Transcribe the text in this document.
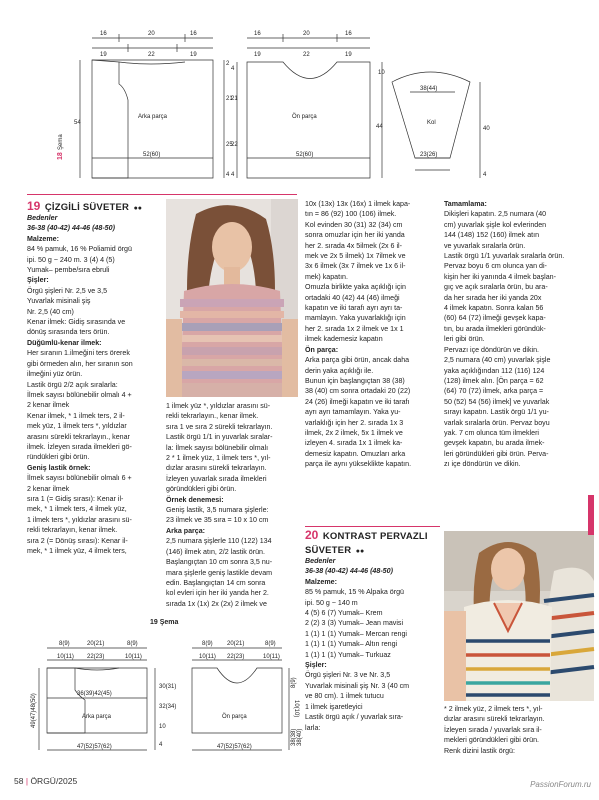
16	20	16
19	22	19
Arka parça
52(60)
54
2
21
25
4
16	20	16
19	22	19
Ön parça
52(60)
4
21
22
4
38(44)
Kol
23(26)
10
44	40
4
18
Şema
19 ÇİZGİLİ SÜVETER ●●
Bedenler
36-38 (40-42) 44-46 (48-50)
Malzeme:
84 % pamuk, 16 % Poliamid örgü
ipi. 50 g ~ 240 m. 3 (4) 4 (5)
Yumak– pembe/sıra ebruli
Şişler:
Örgü şişleri Nr. 2,5 ve 3,5
Yuvarlak misinali şiş
Nr. 2,5 (40 cm)
Kenar ilmek: Gidiş sırasında ve
dönüş sırasında ters örün.
Düğümlü-kenar ilmek:
Her sıranın 1.ilmeğini ters örerek
gibi örmeden alın, her sıranın son
ilmeğini yüz örün.
Lastik örgü 2/2 açık sıralarla:
İlmek sayısı bölünebilir olmalı 4 +
2 kenar ilmek
Kenar ilmek, * 1 ilmek ters, 2 il-
mek yüz, 1 ilmek ters *, yıldızlar
arasını sürekli tekrarlayın., kenar
ilmek. İzleyen sırada ilmekleri gö-
ründükleri gibi örün.
Geniş lastik örnek:
İlmek sayısı bölünebilir olmalı 6 +
2 kenar ilmek
sıra 1 (= Gidiş sırası): Kenar il-
mek, * 1 ilmek ters, 4 ilmek yüz,
1 ilmek ters *, yıldızlar arasını sü-
rekli tekrarlayın, kenar ilmek.
sıra 2 (= Dönüş sırası): Kenar il-
mek, * 1 ilmek yüz, 4 ilmek ters,
1 ilmek yüz *, yıldızlar arasını sü-
rekli tekrarlayın., kenar ilmek.
sıra 1 ve sıra 2 sürekli tekrarlayın.
Lastik örgü 1/1 in yuvarlak sıralar-
la: İlmek sayısı bölünebilir olmalı
2 * 1 ilmek yüz, 1 ilmek ters *, yıl-
dızlar arasını sürekli tekrarlayın.
İzleyen yuvarlak sırada ilmekleri
göründükleri gibi örün.
Örnek denemesi:
Geniş lastik, 3,5 numara şişlerle:
23 ilmek ve 35 sıra = 10 x 10 cm
Arka parça:
2,5 numara şişlerle 110 (122) 134
(146) ilmek atın, 2/2 lastik örün.
Başlangıçtan 10 cm sonra 3,5 nu-
mara şişlerle geniş lastikle devam
edin. Başlangıçtan 14 cm sonra
kol evleri için her iki yanda her 2.
sırada 1x (1x) 2x (2x) 2 ilmek ve
10x (13x) 13x (16x) 1 ilmek kapa-
tın = 86 (92) 100 (106) ilmek.
Kol evinden 30 (31) 32 (34) cm
sonra omuzlar için her iki yanda
her 2. sırada 4x 5ilmek (2x 6 il-
mek ve 2x 5 ilmek) 1x 7ilmek ve
3x 6 ilmek (3x 7 ilmek ve 1x 6 il-
mek) kapatın.
Omuzla birlikte yaka açıklığı için
ortadaki 40 (42) 44 (46) ilmeği
kapatın ve iki tarafı ayrı ayrı ta-
mamlayın. Yaka yuvarlaklığı için
her 2. sırada 1x 2 ilmek ve 1x 1
ilmek kademesiz kapatın
Ön parça:
Arka parça gibi örün, ancak daha
derin yaka açıklığı ile.
Bunun için başlangıçtan 38 (38)
38 (40) cm sonra ortadaki 20 (22)
24 (26) ilmeği kapatın ve iki tarafı
ayrı ayrı tamamlayın. Yaka yu-
varlaklığı için her 2. sırada 1x 3
ilmek, 2x 2 ilmek, 5x 1 ilmek ve
izleyen 4. sırada 1x 1 ilmek ka-
demesiz kapatın. Omuzları arka
parça ile aynı yükseklikte kapatın.
Tamamlama:
Dikişleri kapatın. 2,5 numara (40
cm) yuvarlak şişle kol evlerinden
144 (148) 152 (160) ilmek atın
ve yuvarlak sıralarla örün.
Lastik örgü 1/1 yuvarlak sıralarla örün.
Pervaz boyu 6 cm olunca yan di-
kişin her iki yanında 4 ilmek başlan-
gıç ve açık sıralarla örün, bu ara-
da her sırada her iki yanda 20x
4 ilmek kapatın. Sonra kalan 56
(60) 64 (72) ilmeği gevşek kapa-
tın, bu arada ilmekleri göründük-
leri gibi örün.
Pervazı içe döndürün ve dikin.
2,5 numara (40 cm) yuvarlak şişle
yaka açıklığından 112 (116) 124
(128) ilmek alın. [Ön parça = 62
(64) 70 (72) ilmek, arka parça =
50 (52) 54 (56) ilmek] ve yuvarlak
sırayı kapatın. Lastik örgü 1/1 yu-
varlak sıralarla örün. Pervaz boyu
yak. 7 cm olunca tüm ilmekleri
gevşek kapatın, bu arada ilmek-
leri göründükleri gibi örün. Perva-
zı içe döndürün ve dikin.
20 KONTRAST PERVAZLI
SÜVETER ●●
Bedenler
36-38 (40-42) 44-46 (48-50)
Malzeme:
85 % pamuk, 15 % Alpaka örgü
ipi. 50 g ~ 140 m
4 (5) 6 (7) Yumak– Krem
2 (2) 3 (3) Yumak– Jean mavisi
1 (1) 1 (1) Yumak– Mercan rengi
1 (1) 1 (1) Yumak– Altın rengi
1 (1) 1 (1) Yumak– Turkuaz
Şişler:
Örgü şişleri Nr. 3 ve Nr. 3,5
Yuvarlak misinali şiş Nr. 3 (40 cm
ve 80 cm). 1 ilmek tutucu
1 ilmek işaretleyici
Lastik örgü açık / yuvarlak sıra-
larla:
* 2 ilmek yüz, 2 ilmek ters *, yıl-
dızlar arasını sürekli tekrarlayın.
İzleyen sırada / yuvarlak sıra il-
mekleri göründükleri gibi örün.
Renk dizini lastik örgü:
19 Şema
8(9)	20(21)	8(9)
10(11) 22(23)	10(11)
36(39)42(45)
Arka parça
47(52)57(62)
30(31)
32(34)
10
4
8(9) 20(21)	8(9)
10(11) 22(23)	10(11)
Ön parça
47(52)57(62)
49(47)48(50)
8(9)
10(10)
38(38) 38(40)
58 | ÖRGÜ/2025	PassionForum.ru
